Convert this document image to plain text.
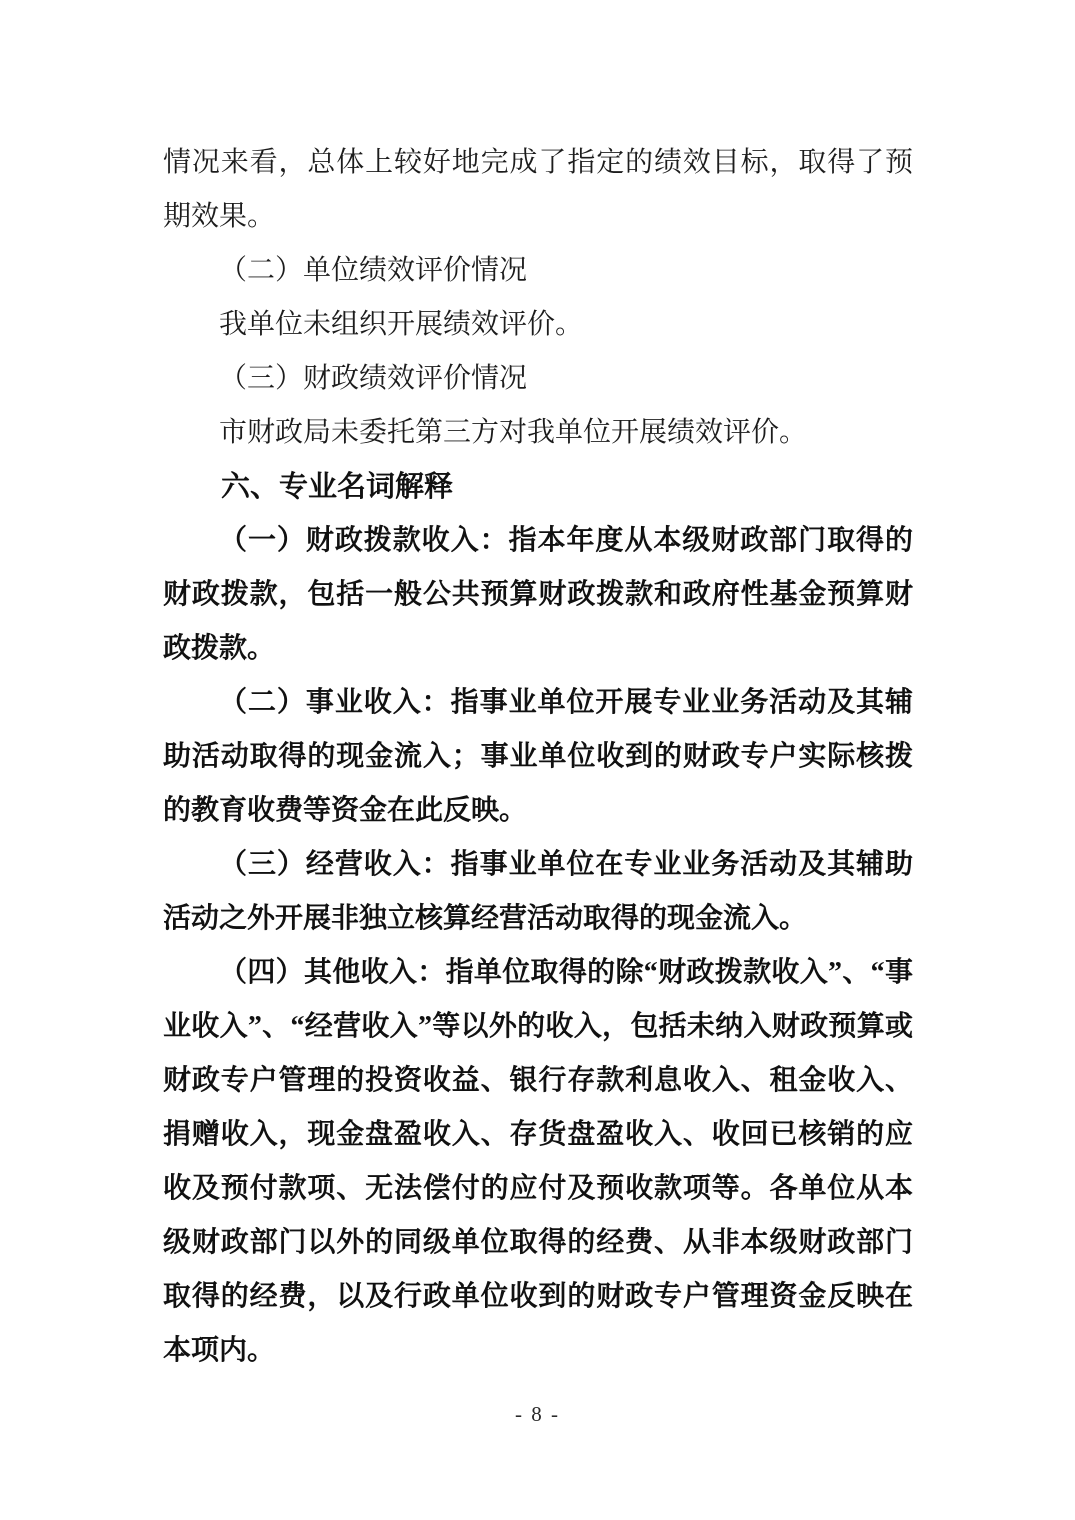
情况来看，总体上较好地完成了指定的绩效目标，取得了预期效果。

（二）单位绩效评价情况

我单位未组织开展绩效评价。

（三）财政绩效评价情况

市财政局未委托第三方对我单位开展绩效评价。

六、专业名词解释

（一）财政拨款收入：指本年度从本级财政部门取得的财政拨款，包括一般公共预算财政拨款和政府性基金预算财政拨款。

（二）事业收入：指事业单位开展专业业务活动及其辅助活动取得的现金流入；事业单位收到的财政专户实际核拨的教育收费等资金在此反映。

（三）经营收入：指事业单位在专业业务活动及其辅助活动之外开展非独立核算经营活动取得的现金流入。

（四）其他收入：指单位取得的除“财政拨款收入”、“事业收入”、“经营收入”等以外的收入，包括未纳入财政预算或财政专户管理的投资收益、银行存款利息收入、租金收入、捐赠收入，现金盘盈收入、存货盘盈收入、收回已核销的应收及预付款项、无法偿付的应付及预收款项等。各单位从本级财政部门以外的同级单位取得的经费、从非本级财政部门取得的经费，以及行政单位收到的财政专户管理资金反映在本项内。

- 8 -
